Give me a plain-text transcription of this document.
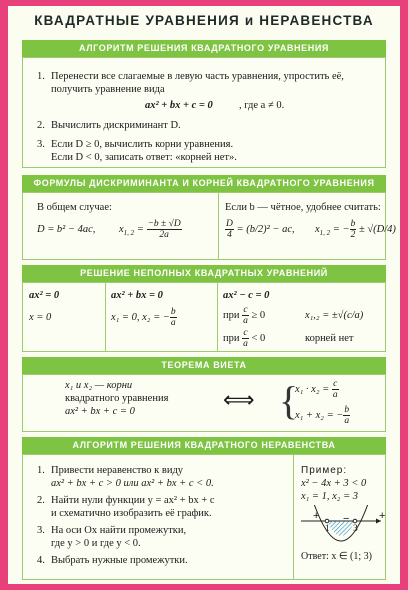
КВАДРАТНЫЕ УРАВНЕНИЯ и НЕРАВЕНСТВА
АЛГОРИТМ РЕШЕНИЯ КВАДРАТНОГО УРАВНЕНИЯ
1. Перенести все слагаемые в левую часть уравнения, упростить её,
получить уравнение вида
ax² + bx + c = 0 , где a ≠ 0.
2. Вычислить дискриминант D.
3. Если D ≥ 0, вычислить корни уравнения.
Если D < 0, записать ответ: «корней нет».
ФОРМУЛЫ ДИСКРИМИНАНТА И КОРНЕЙ КВАДРАТНОГО УРАВНЕНИЯ
В общем случае:
D = b² − 4ac, $x_{1, 2} = \frac{-b \pm √D}{2a}$
Если b — чётное, удобнее считать:
$\frac{D}{4} = (b/2)^2$ − ac, $x_{1, 2}$ = − $\frac{b}{2} \pm √(D/4)$
РЕШЕНИЕ НЕПОЛНЫХ КВАДРАТНЫХ УРАВНЕНИЙ
ax² = 0
x = 0
ax² + bx = 0
x₁ = 0, x₂ = − $\frac{b}{a}$
ax² − c = 0
при $\frac{c}{a} \ge 0$	x₁,₂ = ±√(c/a)
при $\frac{c}{a} < 0$	корней нет
ТЕОРЕМА ВИЕТА
x₁ и x₂ — корни
квадратного уравнения
ax² + bx + c = 0	⟺ {
$x_1 \cdot x_2 = \frac{c}{a}$
x₁ + x₂ = − $\frac{b}{a}$
АЛГОРИТМ РЕШЕНИЯ КВАДРАТНОГО НЕРАВЕНСТВА
1. Привести неравенство к виду
ax² + bx + c > 0 или ax² + bx + c < 0.
2. Найти нули функции y = ax² + bx + c
и схематично изобразить её график.
3. На оси Ox найти промежутки,
где y > 0 и где y < 0.
4. Выбрать нужные промежутки.
Пример:
x² − 4x + 3 < 0
x₁ = 1, x₂ = 3
+ −	+
1 3
Ответ: x ∈ (1; 3)
